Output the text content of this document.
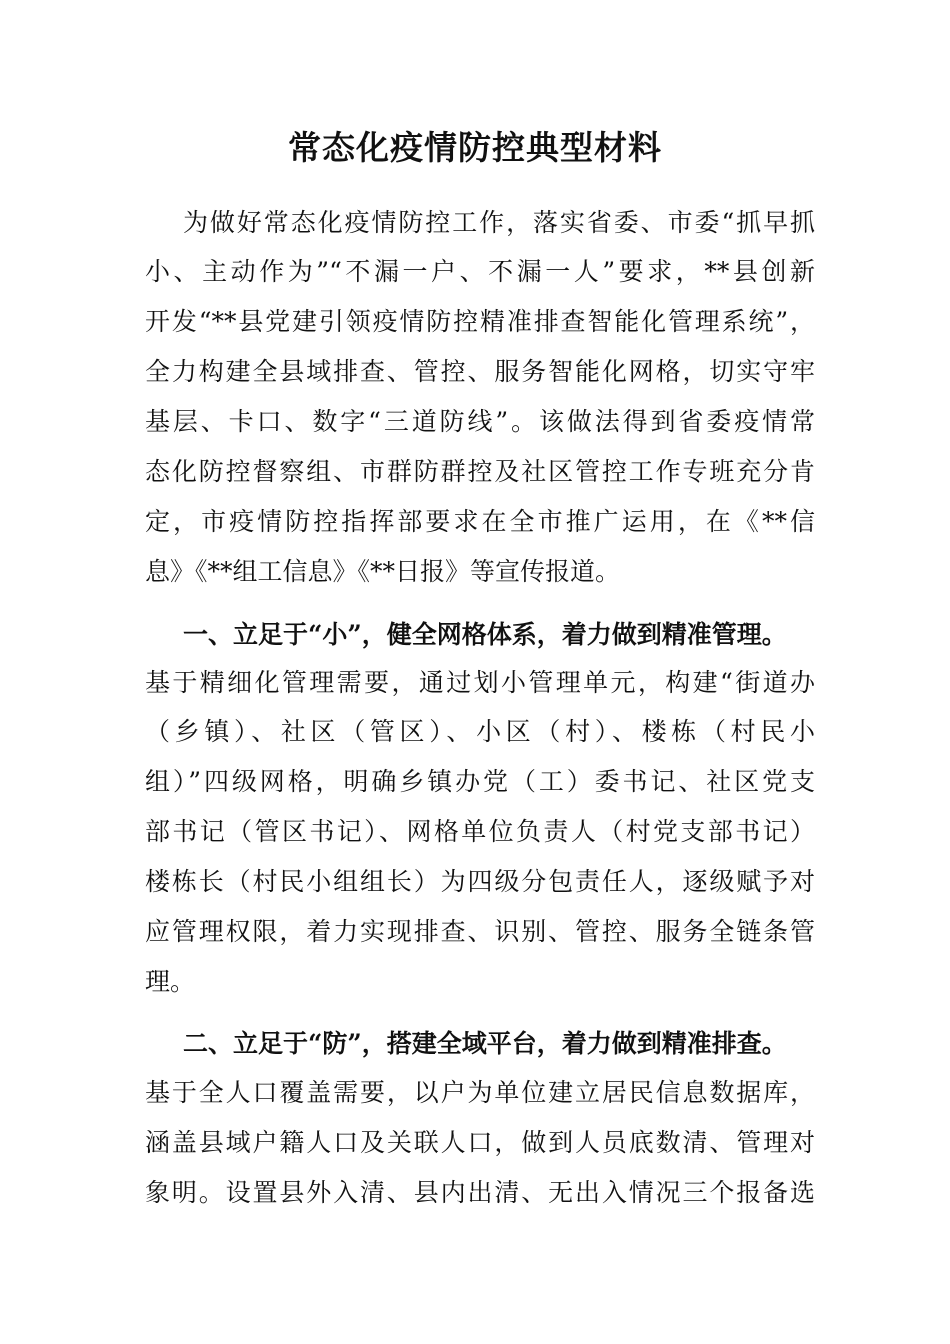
常态化疫情防控典型材料
为做好常态化疫情防控工作，落实省委、市委“抓早抓
小、主动作为”“不漏一户、不漏一人”要求，**县创新
开发“**县党建引领疫情防控精准排查智能化管理系统”，
全力构建全县域排查、管控、服务智能化网格，切实守牢
基层、卡口、数字“三道防线”。该做法得到省委疫情常
态化防控督察组、市群防群控及社区管控工作专班充分肯
定，市疫情防控指挥部要求在全市推广运用，在《**信
息》《**组工信息》《**日报》等宣传报道。
一、立足于“小”，健全网格体系，着力做到精准管理。
基于精细化管理需要，通过划小管理单元，构建“街道办
（乡镇）、社区（管区）、小区（村）、楼栋（村民小
组）”四级网格，明确乡镇办党（工）委书记、社区党支
部书记（管区书记）、网格单位负责人（村党支部书记）
楼栋长（村民小组组长）为四级分包责任人，逐级赋予对
应管理权限，着力实现排查、识别、管控、服务全链条管
理。
二、立足于“防”，搭建全域平台，着力做到精准排查。
基于全人口覆盖需要，以户为单位建立居民信息数据库，
涵盖县域户籍人口及关联人口，做到人员底数清、管理对
象明。设置县外入清、县内出清、无出入情况三个报备选
